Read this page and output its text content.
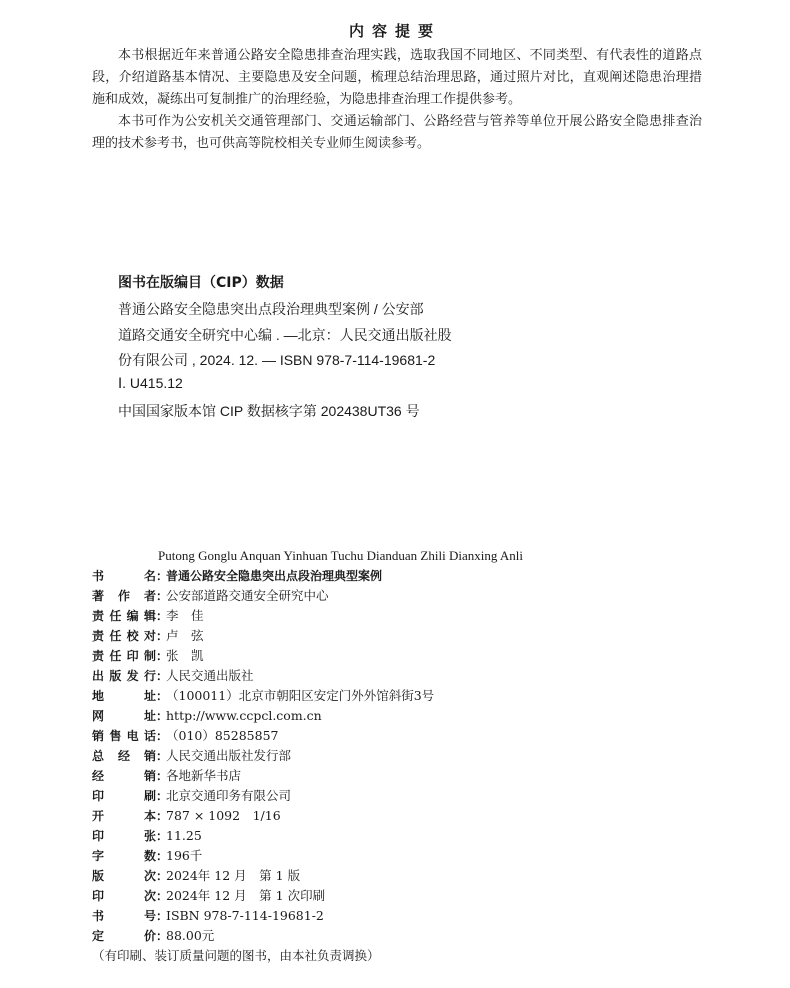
内容提要

本书根据近年来普通公路安全隐患排查治理实践，选取我国不同地区、不同类型、有代表性的道路点段，介绍道路基本情况、主要隐患及安全问题，梳理总结治理思路，通过照片对比，直观阐述隐患治理措施和成效，凝练出可复制推广的治理经验，为隐患排查治理工作提供参考。

本书可作为公安机关交通管理部门、交通运输部门、公路经营与管养等单位开展公路安全隐患排查治理的技术参考书，也可供高等院校相关专业师生阅读参考。

图书在版编目（CIP）数据
普通公路安全隐患突出点段治理典型案例 / 公安部
道路交通安全研究中心编 . —北京：人民交通出版社股
份有限公司 , 2024. 12. — ISBN 978-7-114-19681-2
Ⅰ. U415.12
中国国家版本馆 CIP 数据核字第 202438UT36 号
Putong Gonglu Anquan Yinhuan Tuchu Dianduan Zhili Dianxing Anli
书名 ：
普通公路安全隐患突出点段治理典型案例
著作者 ：
公安部道路交通安全研究中心
责任编辑 ：
李　佳
责任校对 ：
卢　弦
责任印制 ：
张　凯
出版发行 ：
人民交通出版社
地址 ：
（100011）北京市朝阳区安定门外外馆斜街3号
网址 ：
http://www.ccpcl.com.cn
销售电话 ：
（010）85285857
总经销 ：
人民交通出版社发行部
经销 ：
各地新华书店
印刷 ：
北京交通印务有限公司
开本 ：
787 × 1092　1/16
印张 ：
11.25
字数 ：
196千
版次 ：
2024年 12 月　第 1 版
印次 ：
2024年 12 月　第 1 次印刷
书号 ：
ISBN 978-7-114-19681-2
定价 ：
88.00元
（有印刷、装订质量问题的图书，由本社负责调换）
